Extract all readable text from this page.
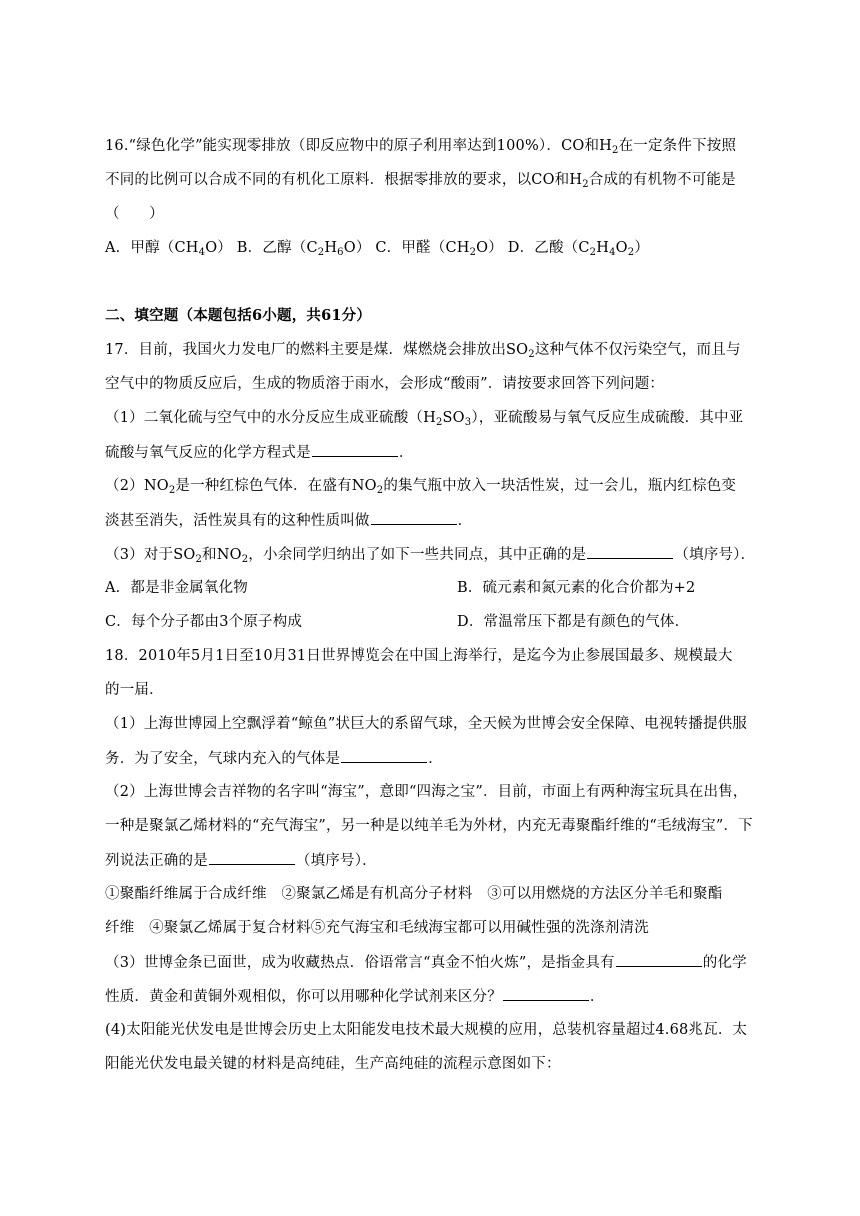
16.“绿色化学”能实现零排放（即反应物中的原子利用率达到100%）．CO和$H_2$在一定条件下按照
不同的比例可以合成不同的有机化工原料．根据零排放的要求，以CO和$H_2$合成的有机物不可能是
（　　）
A．甲醇$(CH_4O)$ B．乙醇$(C_2H_6O)$ C．甲醛$(CH_2O)$ D．乙酸$(C_2H_4O_2)$
二、填空题（本题包括6小题，共61分）
17．目前，我国火力发电厂的燃料主要是煤．煤燃烧会排放出$SO_2$这种气体不仅污染空气，而且与
空气中的物质反应后，生成的物质溶于雨水，会形成“酸雨”．请按要求回答下列问题：
（1）二氧化硫与空气中的水分反应生成亚硫酸$(H_2SO_3)$，亚硫酸易与氧气反应生成硫酸．其中亚
硫酸与氧气反应的化学方程式是	．
$(2)NO_2$是一种红棕色气体．在盛有$NO_2$的集气瓶中放入一块活性炭，过一会儿，瓶内红棕色变
淡甚至消失，活性炭具有的这种性质叫做	．
（3）对于$SO_2$和$NO_2$，小余同学归纳出了如下一些共同点，其中正确的是	（填序号）．
A．都是非金属氧化物	B．硫元素和氮元素的化合价都为+2
C．每个分子都由3个原子构成	D．常温常压下都是有颜色的气体．
18．2010年5月1日至10月31日世界博览会在中国上海举行，是迄今为止参展国最多、规模最大
的一届．
（1）上海世博园上空飘浮着“鲸鱼”状巨大的系留气球，全天候为世博会安全保障、电视转播提供服
务．为了安全，气球内充入的气体是	．
（2）上海世博会吉祥物的名字叫“海宝”，意即“四海之宝”．目前，市面上有两种海宝玩具在出售，
一种是聚氯乙烯材料的“充气海宝”，另一种是以纯羊毛为外材，内充无毒聚酯纤维的“毛绒海宝”．下
列说法正确的是	（填序号）．
①聚酯纤维属于合成纤维　②聚氯乙烯是有机高分子材料　③可以用燃烧的方法区分羊毛和聚酯
纤维　④聚氯乙烯属于复合材料⑤充气海宝和毛绒海宝都可以用碱性强的洗涤剂清洗
（3）世博金条已面世，成为收藏热点．俗语常言“真金不怕火炼”，是指金具有	的化学
性质．黄金和黄铜外观相似，你可以用哪种化学试剂来区分？	．
(4)太阳能光伏发电是世博会历史上太阳能发电技术最大规模的应用，总装机容量超过4.68兆瓦．太
阳能光伏发电最关键的材料是高纯硅，生产高纯硅的流程示意图如下：
